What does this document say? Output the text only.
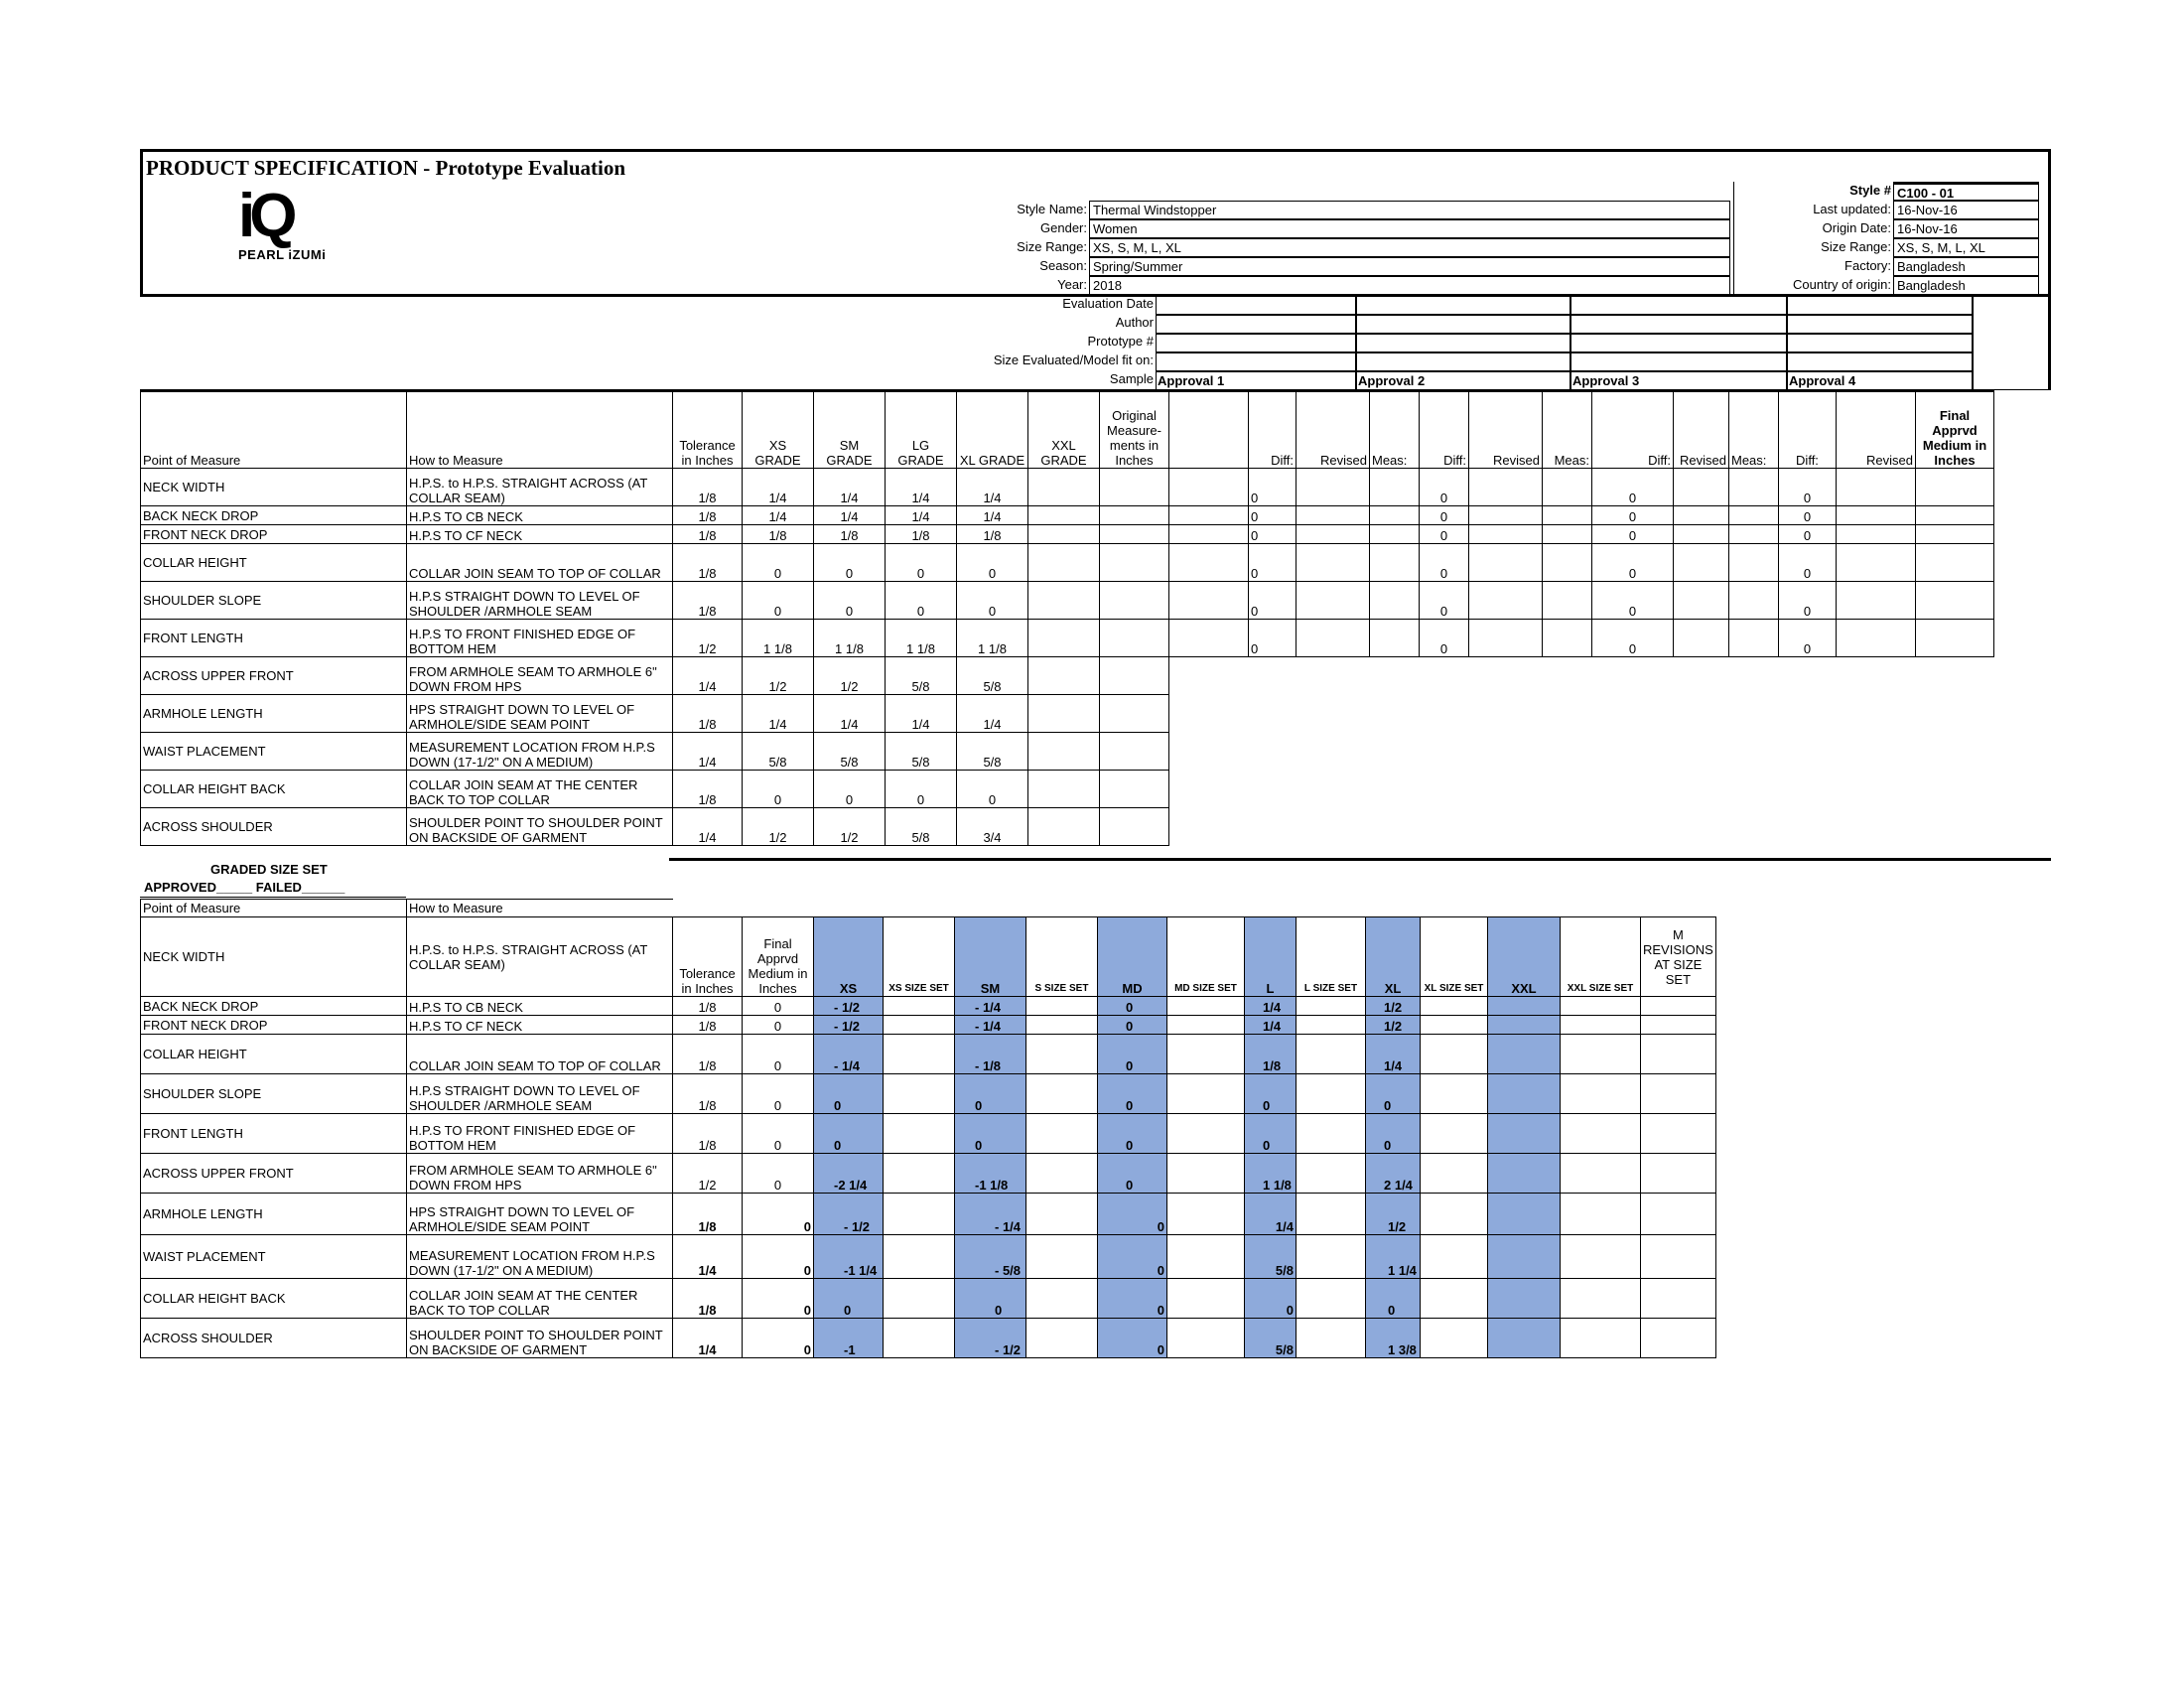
PRODUCT SPECIFICATION - Prototype Evaluation
iQ
PEARL iZUMi
Style Name: Thermal Windstopper
Gender: Women
Size Range: XS, S, M, L, XL
Season: Spring/Summer
Year: 2018
Style # C100 - 01
Last updated: 16-Nov-16
Origin Date: 16-Nov-16
Size Range: XS, S, M, L, XL
Factory: Bangladesh
Country of origin: Bangladesh
Evaluation Date
Author
Prototype #
Size Evaluated/Model fit on:
Sample Approval 1	Approval 2	Approval 3	Approval 4
Point of Measure	How to Measure	Tolerance in Inches	XS GRADE	SM GRADE	LG GRADE	XL GRADE	XXL GRADE	Original Measure-ments in Inches		Diff:	Revised	Meas:	Diff:	Revised	Meas:	Diff:	Revised	Meas:	Diff:	Revised	Final Apprvd Medium in Inches
NECK WIDTH	H.P.S. to H.P.S. STRAIGHT ACROSS (AT COLLAR SEAM)	1/8	1/4	1/4	1/4	1/4				0			0			0			0		
BACK NECK DROP	H.P.S TO CB NECK	1/8	1/4	1/4	1/4	1/4				0			0			0			0		
FRONT NECK DROP	H.P.S TO CF NECK	1/8	1/8	1/8	1/8	1/8				0			0			0			0		
COLLAR HEIGHT	COLLAR JOIN SEAM TO TOP OF COLLAR	1/8	0	0	0	0				0			0			0			0		
SHOULDER SLOPE	H.P.S STRAIGHT DOWN TO LEVEL OF SHOULDER /ARMHOLE SEAM	1/8	0	0	0	0				0			0			0			0		
FRONT LENGTH	H.P.S TO FRONT FINISHED EDGE OF BOTTOM HEM	1/2	1 1/8	1 1/8	1 1/8	1 1/8				0			0			0			0		
ACROSS UPPER FRONT	FROM ARMHOLE SEAM TO ARMHOLE 6" DOWN FROM HPS	1/4	1/2	1/2	5/8	5/8															
ARMHOLE LENGTH	HPS STRAIGHT DOWN TO LEVEL OF ARMHOLE/SIDE SEAM POINT	1/8	1/4	1/4	1/4	1/4															
WAIST PLACEMENT	MEASUREMENT LOCATION FROM H.P.S DOWN (17-1/2" ON A MEDIUM)	1/4	5/8	5/8	5/8	5/8															
COLLAR HEIGHT BACK	COLLAR JOIN SEAM AT THE CENTER BACK TO TOP COLLAR	1/8	0	0	0	0															
ACROSS SHOULDER	SHOULDER POINT TO SHOULDER POINT ON BACKSIDE OF GARMENT	1/4	1/2	1/2	5/8	3/4															
GRADED SIZE SET
APPROVED_____ FAILED______
Point of Measure	How to Measure															
NECK WIDTH	H.P.S. to H.P.S. STRAIGHT ACROSS (AT COLLAR SEAM)	Tolerance in Inches	Final Apprvd Medium in Inches	XS	XS SIZE SET	SM	S SIZE SET	MD	MD SIZE SET	L	L SIZE SET	XL	XL SIZE SET	XXL	XXL SIZE SET	M REVISIONS AT SIZE SET
BACK NECK DROP	H.P.S TO CB NECK	1/8	0	- 1/2		- 1/4		0		1/4		1/2				
FRONT NECK DROP	H.P.S TO CF NECK	1/8	0	- 1/2		- 1/4		0		1/4		1/2				
COLLAR HEIGHT	COLLAR JOIN SEAM TO TOP OF COLLAR	1/8	0	- 1/4		- 1/8		0		1/8		1/4				
SHOULDER SLOPE	H.P.S STRAIGHT DOWN TO LEVEL OF SHOULDER /ARMHOLE SEAM	1/8	0	0		0		0		0		0				
FRONT LENGTH	H.P.S TO FRONT FINISHED EDGE OF BOTTOM HEM	1/8	0	0		0		0		0		0				
ACROSS UPPER FRONT	FROM ARMHOLE SEAM TO ARMHOLE 6" DOWN FROM HPS	1/2	0	-2 1/4		-1 1/8		0		1 1/8		2 1/4				
ARMHOLE LENGTH	HPS STRAIGHT DOWN TO LEVEL OF ARMHOLE/SIDE SEAM POINT	1/8	0	- 1/2		- 1/4		0		1/4		1/2				
WAIST PLACEMENT	MEASUREMENT LOCATION FROM H.P.S DOWN (17-1/2" ON A MEDIUM)	1/4	0	-1 1/4		- 5/8		0		5/8		1 1/4				
COLLAR HEIGHT BACK	COLLAR JOIN SEAM AT THE CENTER BACK TO TOP COLLAR	1/8	0	0		0		0		0		0				
ACROSS SHOULDER	SHOULDER POINT TO SHOULDER POINT ON BACKSIDE OF GARMENT	1/4	0	-1		- 1/2		0		5/8		1 3/8				
